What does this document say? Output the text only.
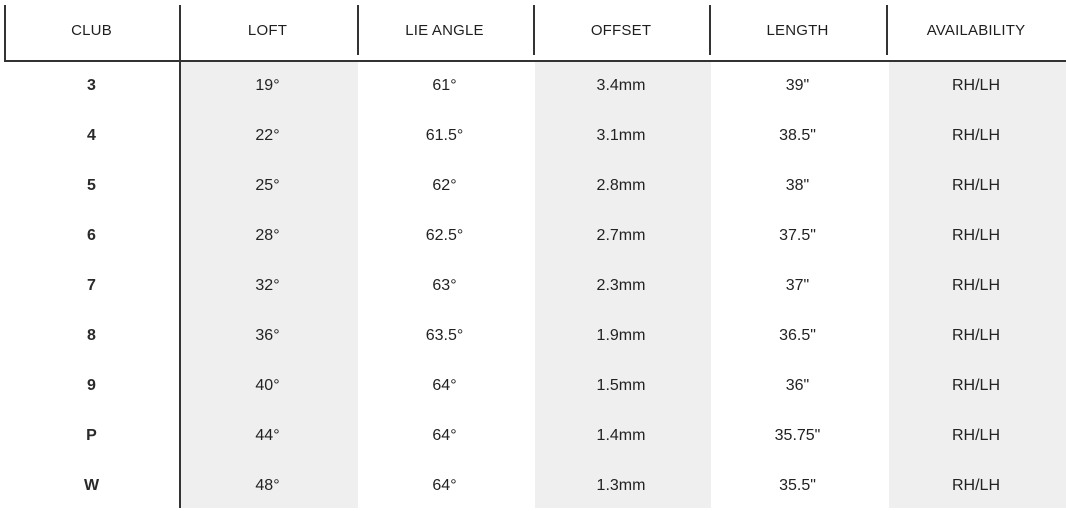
CLUB	LOFT	LIE ANGLE	OFFSET	LENGTH	AVAILABILITY
3	19°	61°	3.4mm	39"	RH/LH
4	22°	61.5°	3.1mm	38.5"	RH/LH
5	25°	62°	2.8mm	38"	RH/LH
6	28°	62.5°	2.7mm	37.5"	RH/LH
7	32°	63°	2.3mm	37"	RH/LH
8	36°	63.5°	1.9mm	36.5"	RH/LH
9	40°	64°	1.5mm	36"	RH/LH
P	44°	64°	1.4mm	35.75"	RH/LH
W	48°	64°	1.3mm	35.5"	RH/LH
